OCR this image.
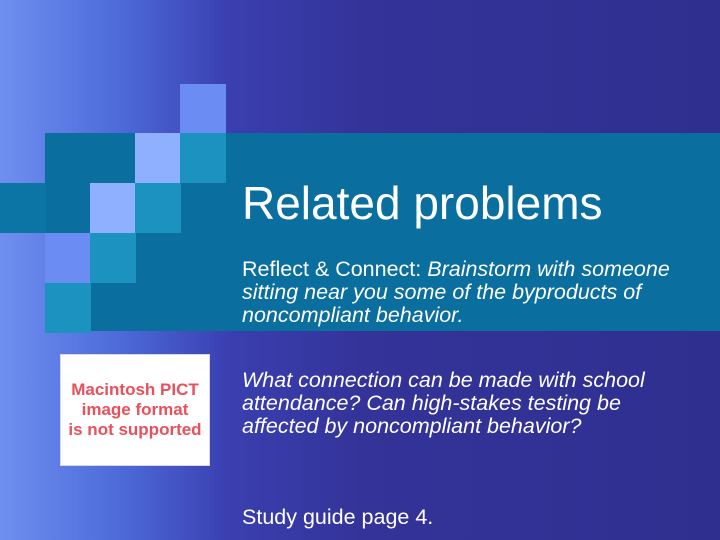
Related problems

Reflect & Connect: Brainstorm with someone sitting near you some of the byproducts of noncompliant behavior.

What connection can be made with school attendance? Can high-stakes testing be affected by noncompliant behavior?

Study guide page 4.

Macintosh PICT
image format
is not supported
